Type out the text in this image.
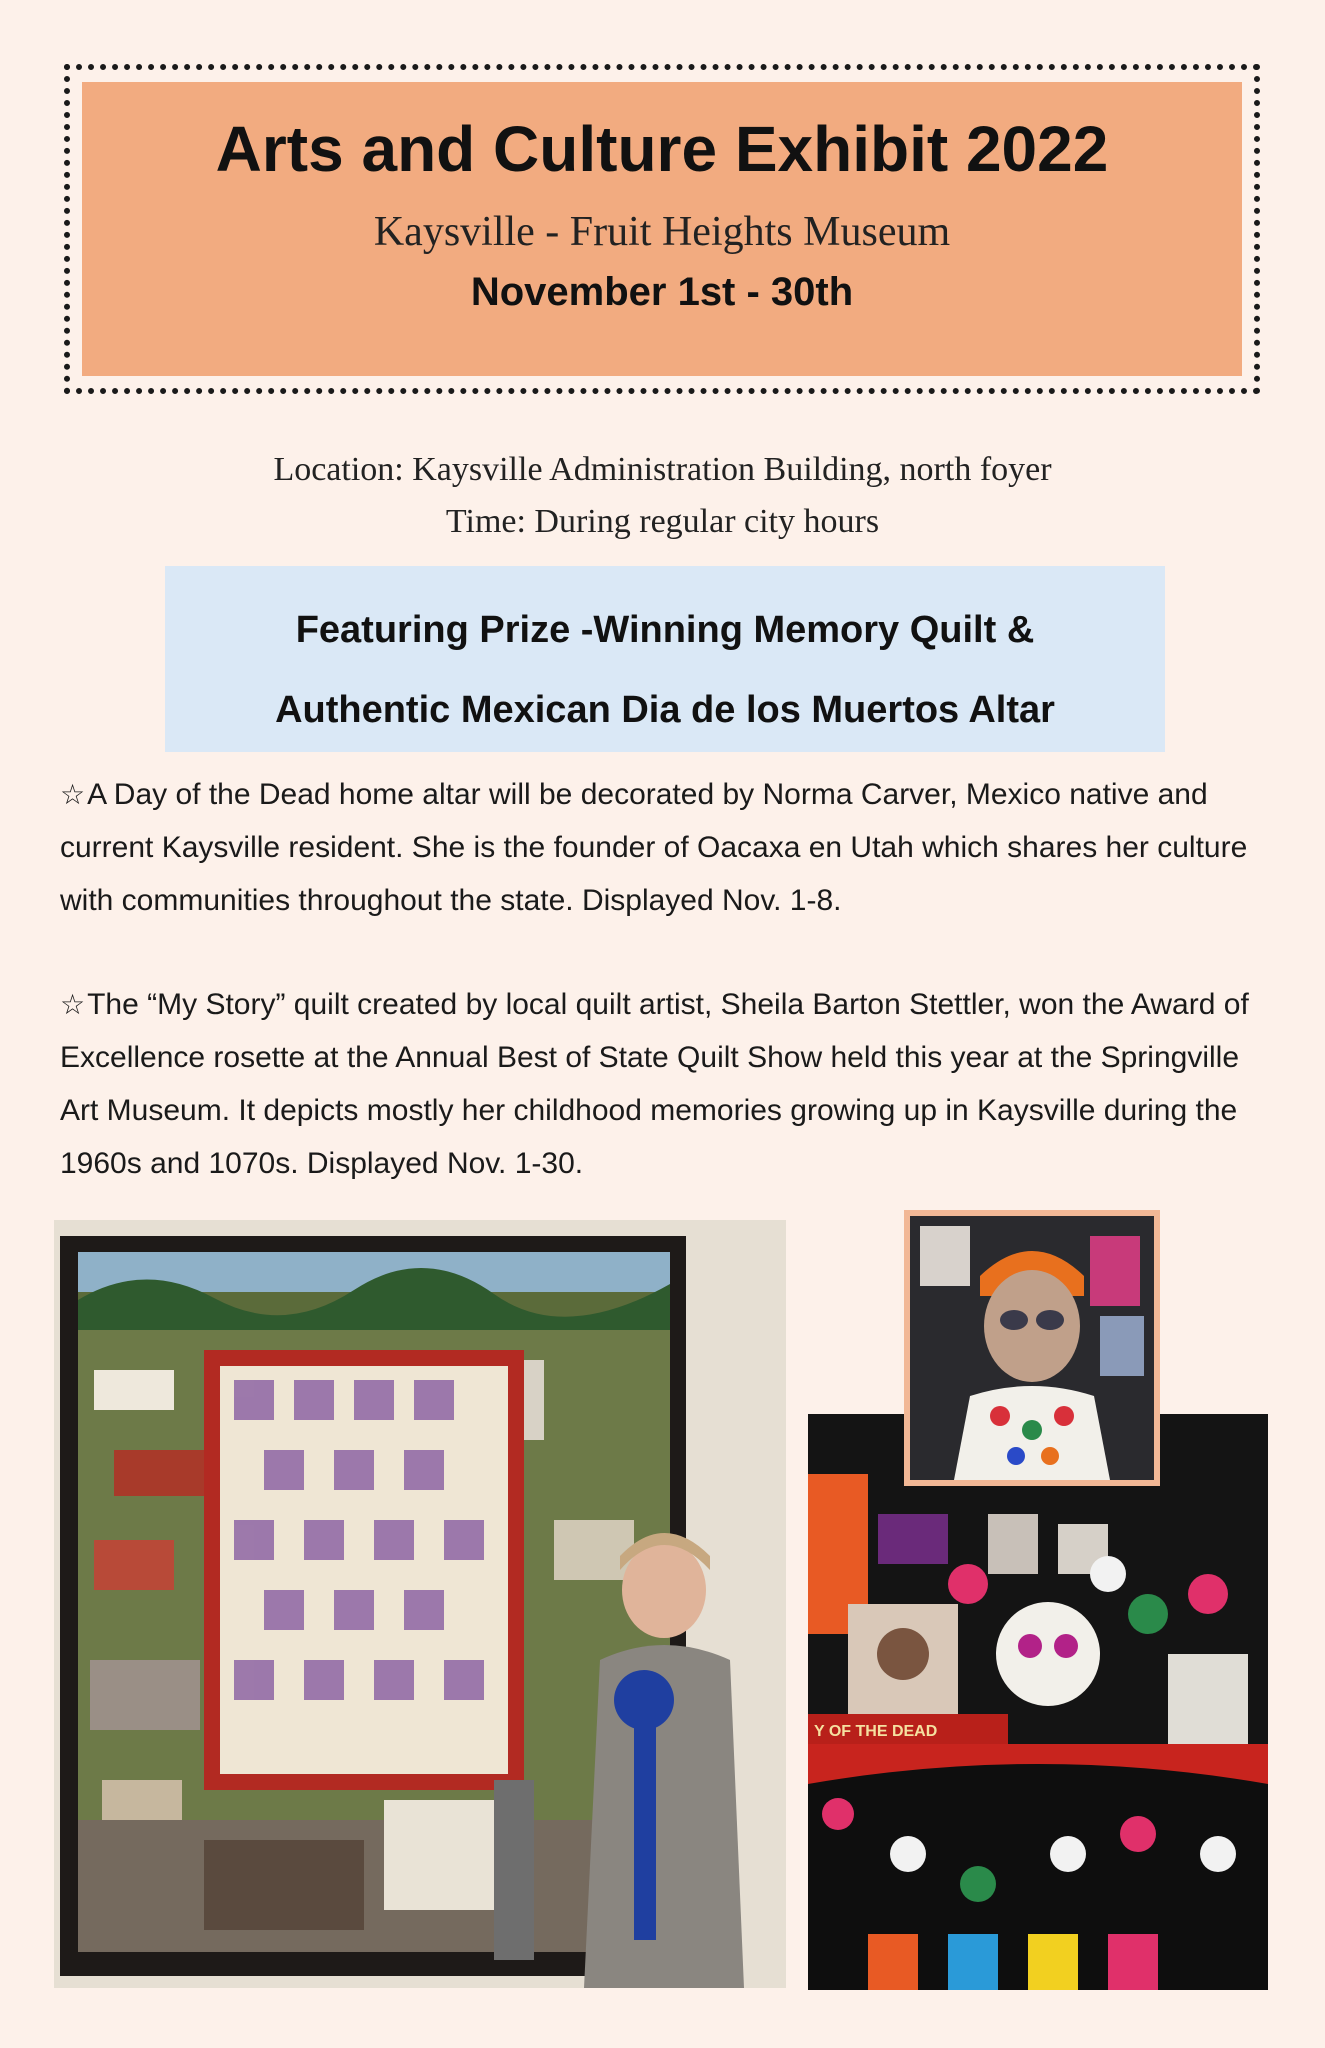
Arts and Culture Exhibit 2022
Kaysville - Fruit Heights Museum
November 1st - 30th
Location: Kaysville Administration Building, north foyer
Time: During regular city hours
Featuring Prize -Winning Memory Quilt &
Authentic Mexican Dia de los Muertos Altar
☆A Day of the Dead home altar will be decorated by Norma Carver, Mexico native and current Kaysville resident. She is the founder of Oacaxa en Utah which shares her culture with communities throughout the state. Displayed Nov. 1-8.
☆The “My Story” quilt created by local quilt artist, Sheila Barton Stettler, won the Award of Excellence rosette at the Annual Best of State Quilt Show held this year at the Springville Art Museum. It depicts mostly her childhood memories growing up in Kaysville during the 1960s and 1070s. Displayed Nov. 1-30.
Y OF THE DEAD
